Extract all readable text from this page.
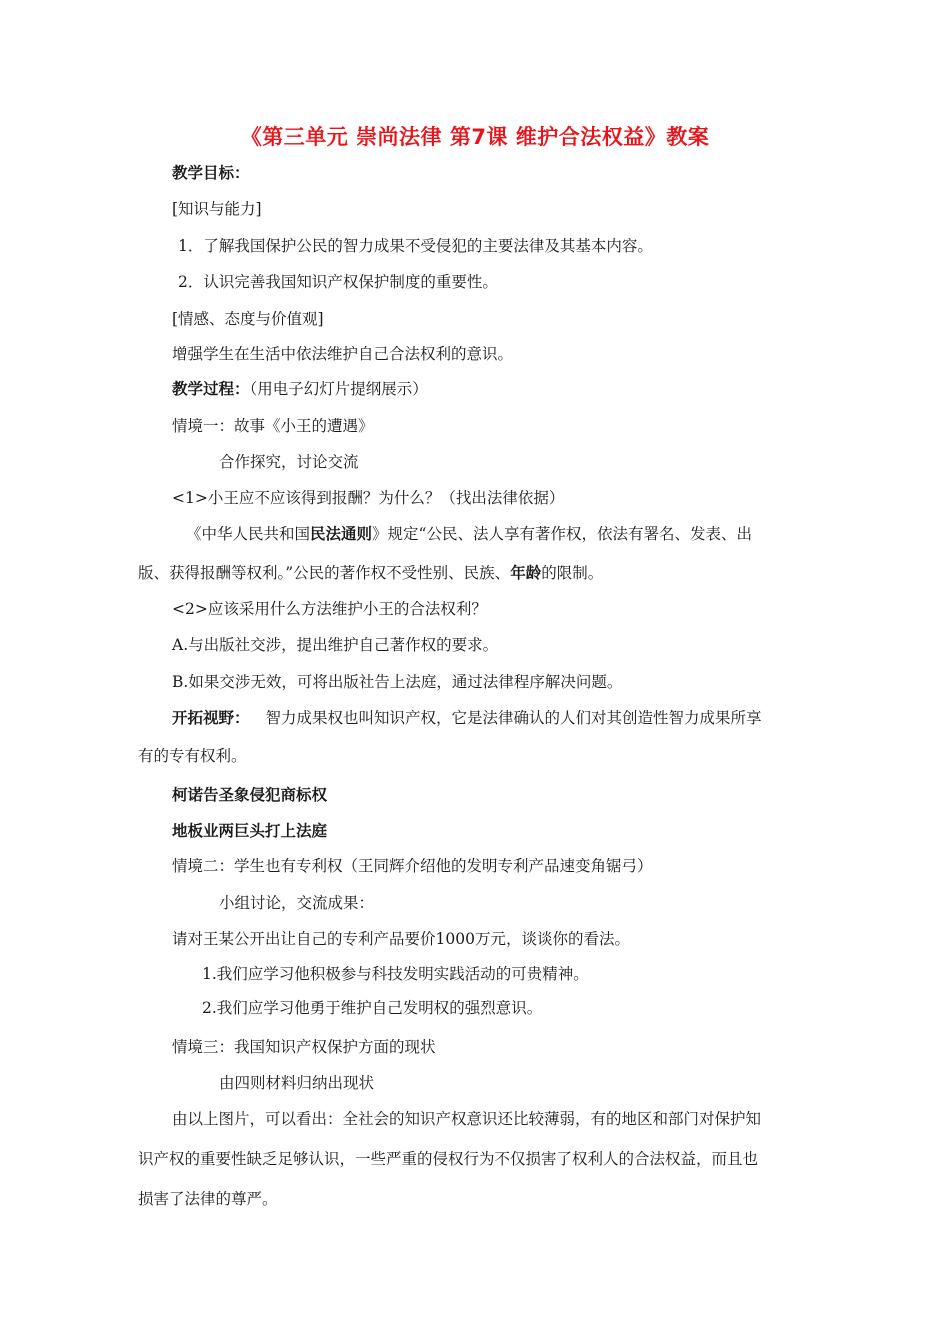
《第三单元 崇尚法律 第7课 维护合法权益》教案
教学目标：
[知识与能力]
1．了解我国保护公民的智力成果不受侵犯的主要法律及其基本内容。
2．认识完善我国知识产权保护制度的重要性。
[情感、态度与价值观]
增强学生在生活中依法维护自己合法权利的意识。
教学过程：（用电子幻灯片提纲展示）
情境一：故事《小王的遭遇》
合作探究，讨论交流
<1>小王应不应该得到报酬？为什么？（找出法律依据）
《中华人民共和国民法通则》规定“公民、法人享有著作权，依法有署名、发表、出
版、获得报酬等权利。”公民的著作权不受性别、民族、年龄的限制。
<2>应该采用什么方法维护小王的合法权利？
A.与出版社交涉，提出维护自己著作权的要求。
B.如果交涉无效，可将出版社告上法庭，通过法律程序解决问题。
开拓视野： 智力成果权也叫知识产权，它是法律确认的人们对其创造性智力成果所享
有的专有权利。
柯诺告圣象侵犯商标权
地板业两巨头打上法庭
情境二：学生也有专利权（王同辉介绍他的发明专利产品速变角锯弓）
小组讨论，交流成果：
请对王某公开出让自己的专利产品要价1000万元，谈谈你的看法。
1.我们应学习他积极参与科技发明实践活动的可贵精神。
2.我们应学习他勇于维护自己发明权的强烈意识。
情境三：我国知识产权保护方面的现状
由四则材料归纳出现状
由以上图片，可以看出：全社会的知识产权意识还比较薄弱，有的地区和部门对保护知
识产权的重要性缺乏足够认识，一些严重的侵权行为不仅损害了权利人的合法权益，而且也
损害了法律的尊严。
